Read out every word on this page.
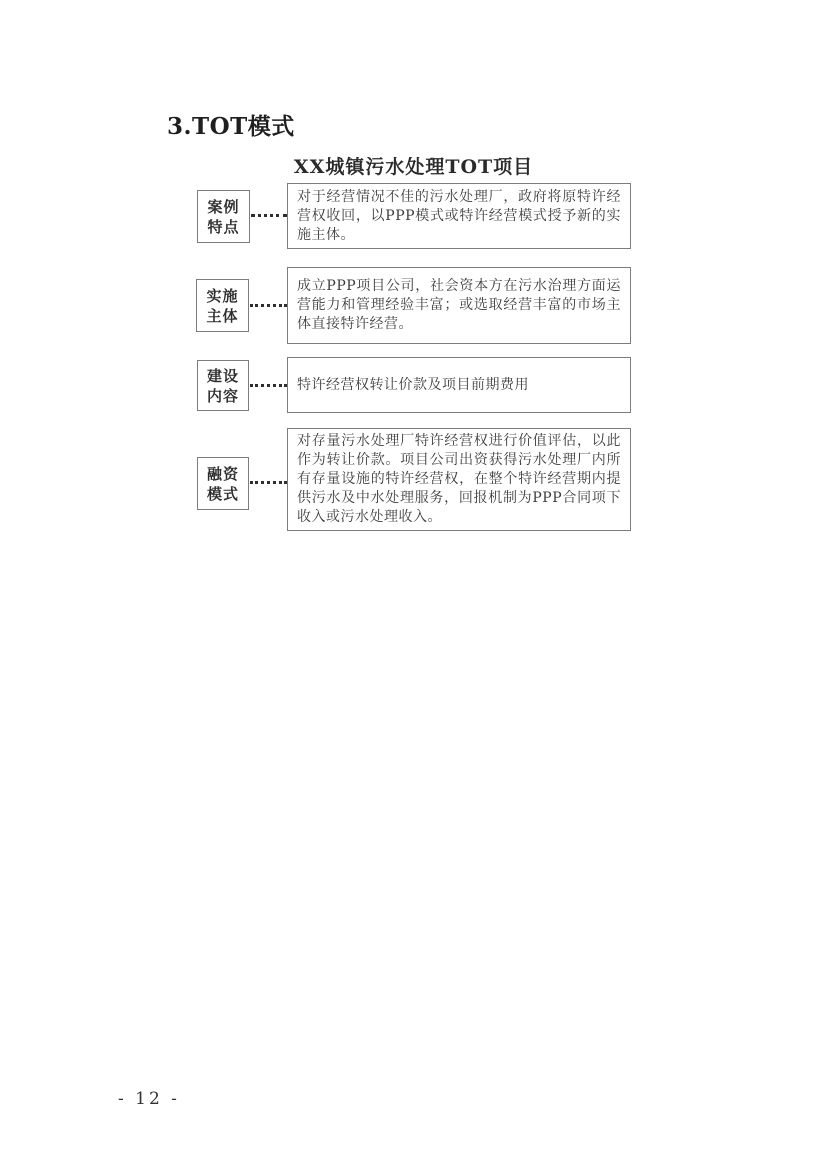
3.TOT模式
XX城镇污水处理TOT项目
案例
特点
对于经营情况不佳的污水处理厂，政府将原特许经营权收回，以PPP模式或特许经营模式授予新的实施主体。
实施
主体
成立PPP项目公司，社会资本方在污水治理方面运营能力和管理经验丰富；或选取经营丰富的市场主体直接特许经营。
建设
内容
特许经营权转让价款及项目前期费用
融资
模式
对存量污水处理厂特许经营权进行价值评估，以此作为转让价款。项目公司出资获得污水处理厂内所有存量设施的特许经营权，在整个特许经营期内提供污水及中水处理服务，回报机制为PPP合同项下收入或污水处理收入。
- 12 -
